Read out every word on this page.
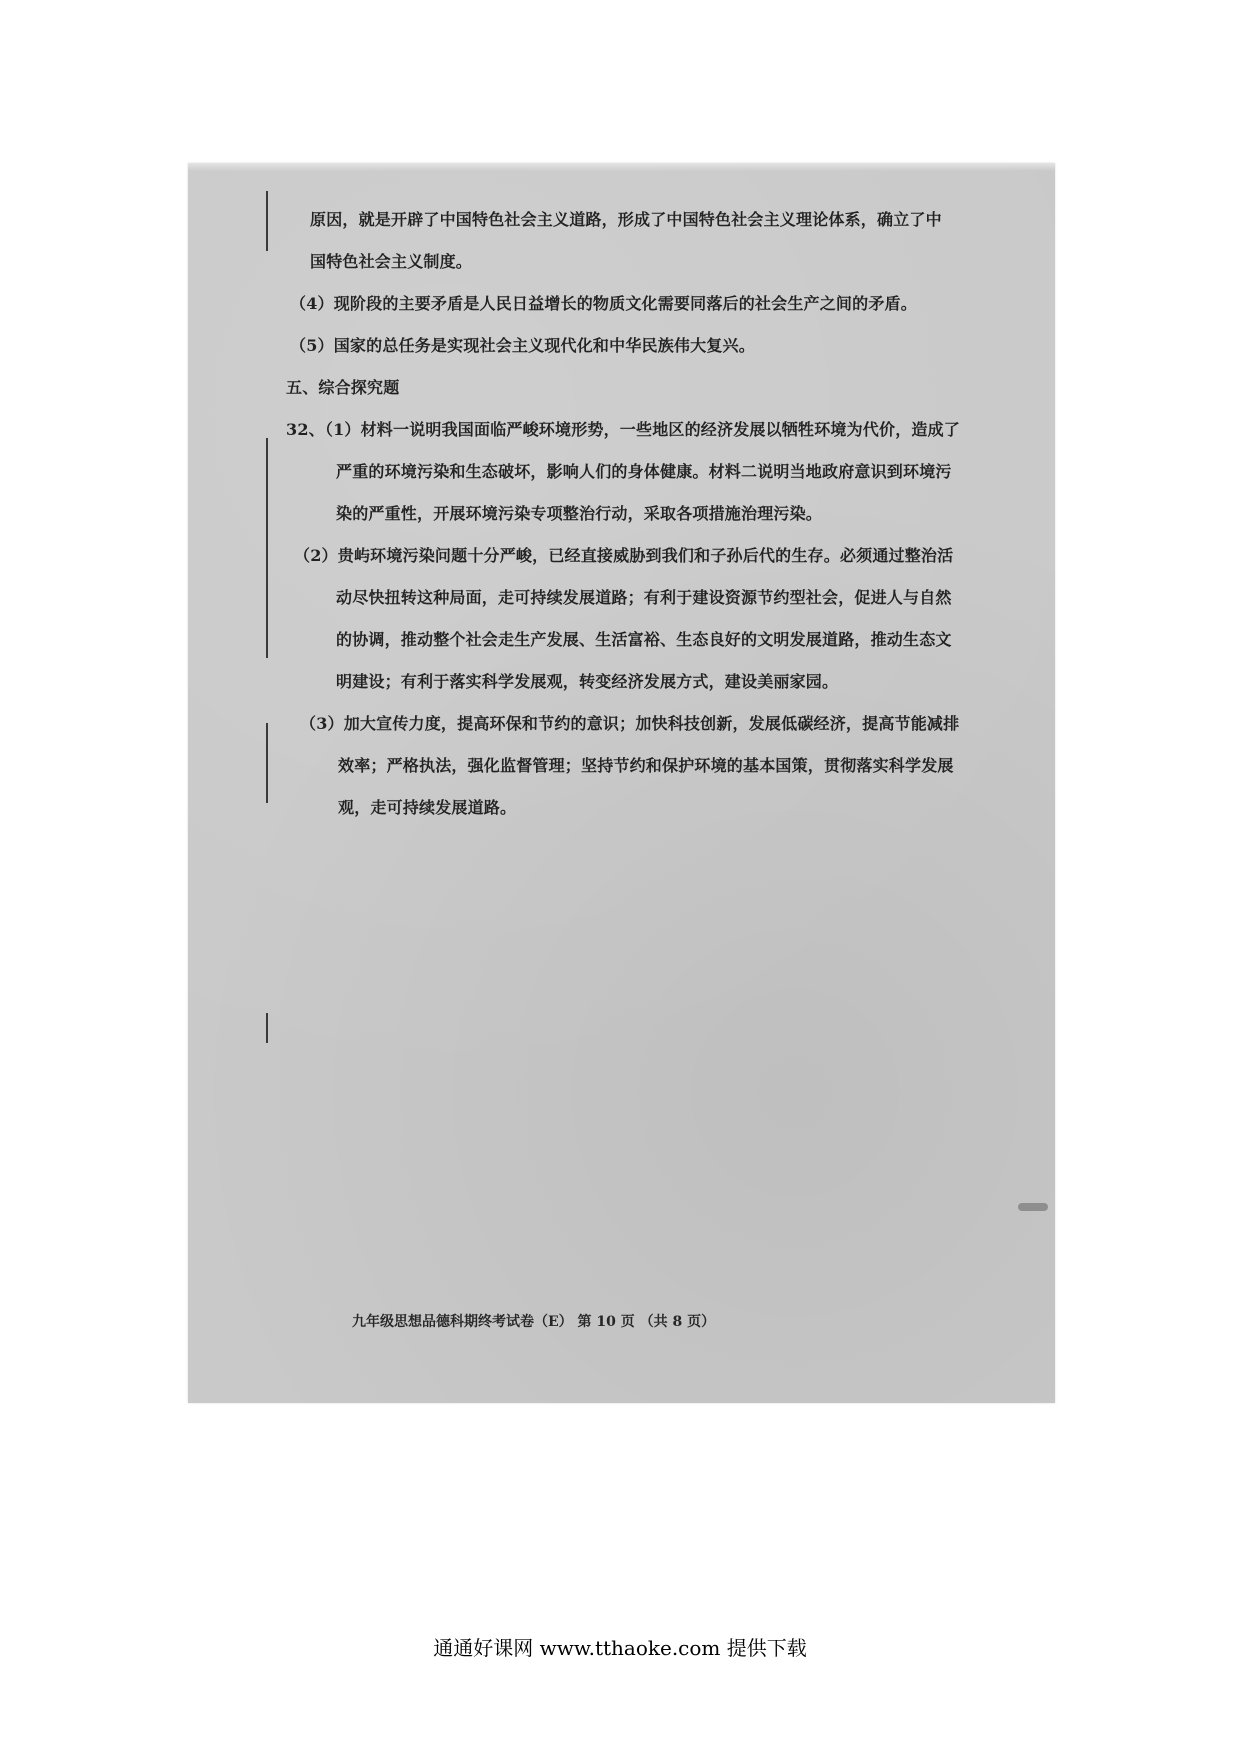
原因，就是开辟了中国特色社会主义道路，形成了中国特色社会主义理论体系，确立了中

国特色社会主义制度。

（4）现阶段的主要矛盾是人民日益增长的物质文化需要同落后的社会生产之间的矛盾。

（5）国家的总任务是实现社会主义现代化和中华民族伟大复兴。

五、综合探究题

32、（1）材料一说明我国面临严峻环境形势，一些地区的经济发展以牺牲环境为代价，造成了

严重的环境污染和生态破坏，影响人们的身体健康。材料二说明当地政府意识到环境污

染的严重性，开展环境污染专项整治行动，采取各项措施治理污染。

（2）贵屿环境污染问题十分严峻，已经直接威胁到我们和子孙后代的生存。必须通过整治活

动尽快扭转这种局面，走可持续发展道路；有利于建设资源节约型社会，促进人与自然

的协调，推动整个社会走生产发展、生活富裕、生态良好的文明发展道路，推动生态文

明建设；有利于落实科学发展观，转变经济发展方式，建设美丽家园。

（3）加大宣传力度，提高环保和节约的意识；加快科技创新，发展低碳经济，提高节能减排

效率；严格执法，强化监督管理；坚持节约和保护环境的基本国策，贯彻落实科学发展

观，走可持续发展道路。

九年级思想品德科期终考试卷（E） 第 10 页 （共 8 页）

通通好课网 www.tthaoke.com 提供下载
